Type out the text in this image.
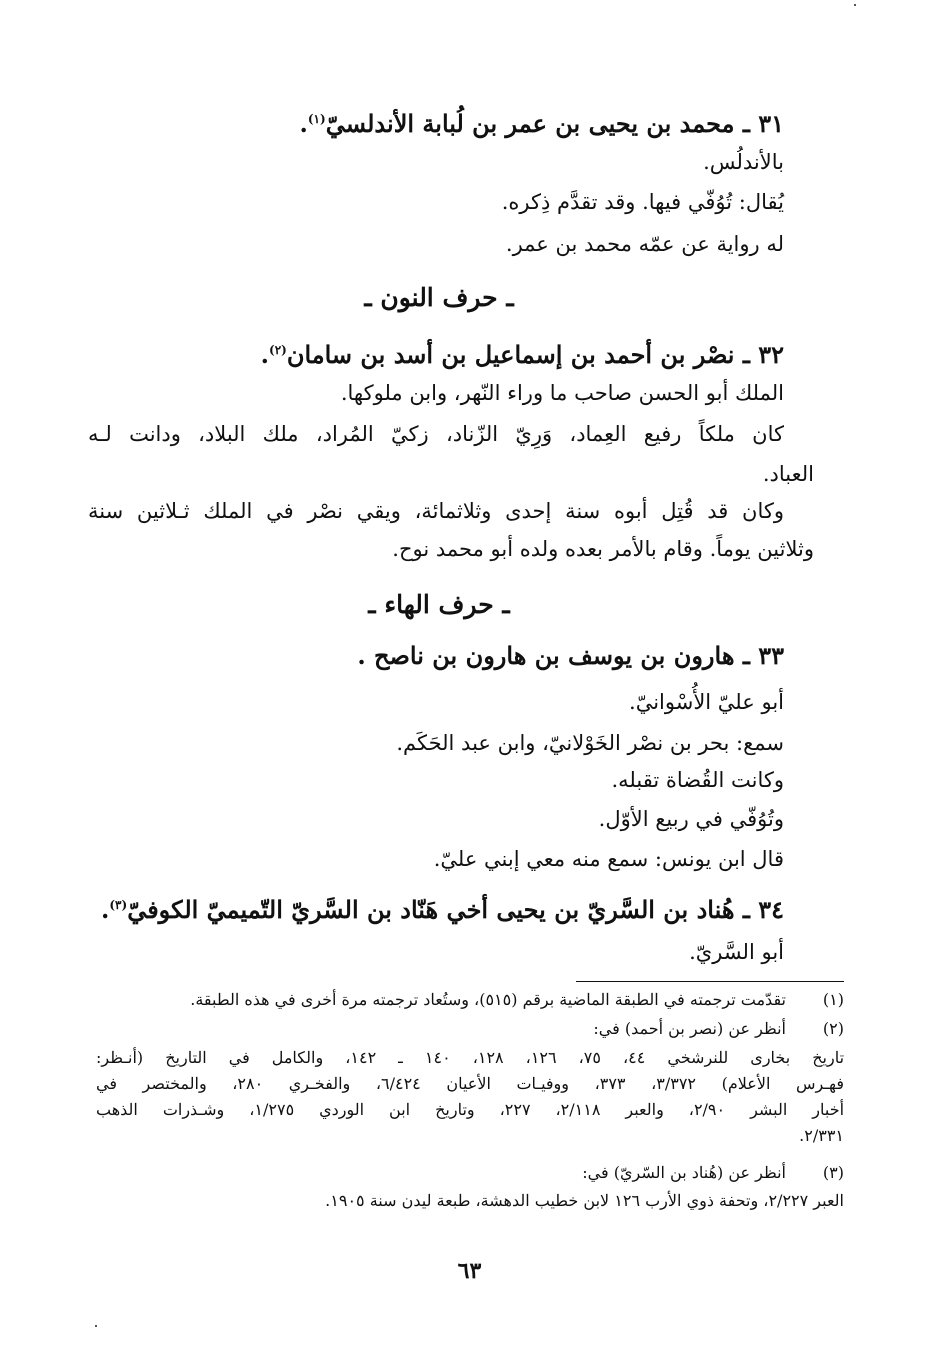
٣١ ـ محمد بن يحيى بن عمر بن لُبابة الأندلسيّ$^{(١)}$.
بالأندلُس.
يُقال: تُوُفّي فيها. وقد تقدَّم ذِكره.
له رواية عن عمّه محمد بن عمر.
ـ حرف النون ـ
٣٢ ـ نصْر بن أحمد بن إسماعيل بن أسد بن سامان$^{(٢)}$.
الملك أبو الحسن صاحب ما وراء النّهر، وابن ملوكها.
كان ملكاً رفيع العِماد، وَرِيّ الزّناد، زكيّ المُراد، ملك البلاد، ودانت لـه
العباد.
وكان قد قُتِل أبوه سنة إحدى وثلاثمائة، ويقي نصْر في الملك ثـلاثين سنة
وثلاثين يوماً. وقام بالأمر بعده ولده أبو محمد نوح.
ـ حرف الهاء ـ
٣٣ ـ هارون بن يوسف بن هارون بن ناصح .
أبو عليّ الأُسْوانيّ.
سمع: بحر بن نصْر الخَوْلانيّ، وابن عبد الحَكَم.
وكانت القُضاة تقبله.
وتُوُفّي في ربيع الأوّل.
قال ابن يونس: سمع منه معي إبني عليّ.
٣٤ ـ هُناد بن السَّريّ بن يحيى أخي هَنّاد بن السَّريّ التّميميّ الكوفيّ$^{(٣)}$.
أبو السَّريّ.
(١)
تقدّمت ترجمته في الطبقة الماضية برقم (٥١٥)، وستُعاد ترجمته مرة أخرى في هذه الطبقة.
(٢)
أنظر عن (نصر بن أحمد) في:
تاريخ بخارى للنرشخي ٤٤، ٧٥، ١٢٦، ١٢٨، ١٤٠ ـ ١٤٢، والكامل في التاريخ (أنـظر:
فهـرس الأعلام) ٣/٣٧٢، ٣٧٣، ووفيـات الأعيان ٦/٤٢٤، والفخـري ٢٨٠، والمختصر في
أخبار البشر ٢/٩٠، والعبر ٢/١١٨، ٢٢٧، وتاريخ ابن الوردي ١/٢٧٥، وشـذرات الذهب
٢/٣٣١.
(٣)
أنظر عن (هُناد بن السّريّ) في:
العبر ٢/٢٢٧، وتحفة ذوي الأرب ١٢٦ لابن خطيب الدهشة، طبعة ليدن سنة ١٩٠٥.
٦٣
